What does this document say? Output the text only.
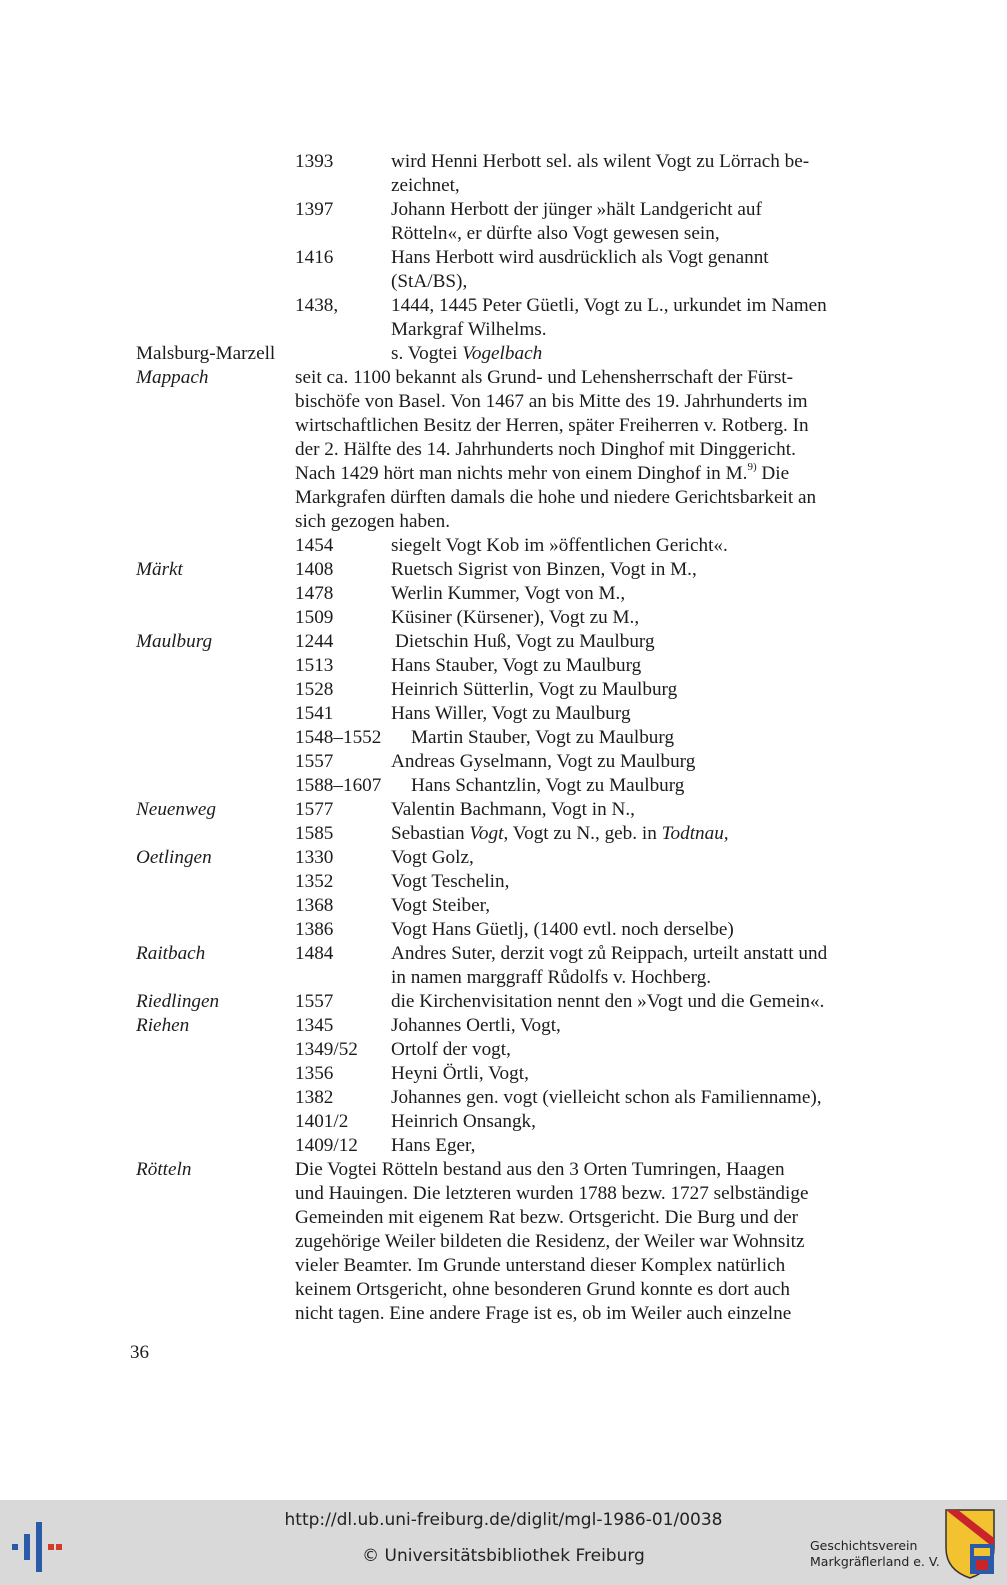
1393	wird Henni Herbott sel. als wilent Vogt zu Lörrach be-
zeichnet,
1397	Johann Herbott der jünger »hält Landgericht auf
Rötteln«, er dürfte also Vogt gewesen sein,
1416	Hans Herbott wird ausdrücklich als Vogt genannt
(StA/BS),
1438,	1444, 1445 Peter Güetli, Vogt zu L., urkundet im Namen
Markgraf Wilhelms.
Malsburg-Marzell	s. Vogtei Vogelbach
Mappach	seit ca. 1100 bekannt als Grund- und Lehensherrschaft der Fürst-
bischöfe von Basel. Von 1467 an bis Mitte des 19. Jahrhunderts im
wirtschaftlichen Besitz der Herren, später Freiherren v. Rotberg. In
der 2. Hälfte des 14. Jahrhunderts noch Dinghof mit Dinggericht.
Nach 1429 hört man nichts mehr von einem Dinghof in M.$^{9)}$ Die
Markgrafen dürften damals die hohe und niedere Gerichtsbarkeit an
sich gezogen haben.
1454	siegelt Vogt Kob im »öffentlichen Gericht«.
Märkt	1408	Ruetsch Sigrist von Binzen, Vogt in M.,
1478	Werlin Kummer, Vogt von M.,
1509	Küsiner (Kürsener), Vogt zu M.,
Maulburg	1244	Dietschin Huß, Vogt zu Maulburg
1513	Hans Stauber, Vogt zu Maulburg
1528	Heinrich Sütterlin, Vogt zu Maulburg
1541	Hans Willer, Vogt zu Maulburg
1548–1552 Martin Stauber, Vogt zu Maulburg
1557	Andreas Gyselmann, Vogt zu Maulburg
1588–1607 Hans Schantzlin, Vogt zu Maulburg
Neuenweg	1577	Valentin Bachmann, Vogt in N.,
1585	Sebastian Vogt, Vogt zu N., geb. in Todtnau,
Oetlingen	1330	Vogt Golz,
1352	Vogt Teschelin,
1368	Vogt Steiber,
1386	Vogt Hans Güetlj, (1400 evtl. noch derselbe)
Raitbach	1484	Andres Suter, derzit vogt zů Reippach, urteilt anstatt und
in namen marggraff Růdolfs v. Hochberg.
Riedlingen	1557	die Kirchenvisitation nennt den »Vogt und die Gemein«.
Riehen	1345	Johannes Oertli, Vogt,
1349/52 Ortolf der vogt,
1356	Heyni Örtli, Vogt,
1382	Johannes gen. vogt (vielleicht schon als Familienname),
1401/2 Heinrich Onsangk,
1409/12 Hans Eger,
Rötteln	Die Vogtei Rötteln bestand aus den 3 Orten Tumringen, Haagen
und Hauingen. Die letzteren wurden 1788 bezw. 1727 selbständige
Gemeinden mit eigenem Rat bezw. Ortsgericht. Die Burg und der
zugehörige Weiler bildeten die Residenz, der Weiler war Wohnsitz
vieler Beamter. Im Grunde unterstand dieser Komplex natürlich
keinem Ortsgericht, ohne besonderen Grund konnte es dort auch
nicht tagen. Eine andere Frage ist es, ob im Weiler auch einzelne
http://dl.ub.uni-freiburg.de/diglit/mgl-1986-01/0038
© Universitätsbibliothek Freiburg
Geschichtsverein
Markgräflerland e. V.
36
